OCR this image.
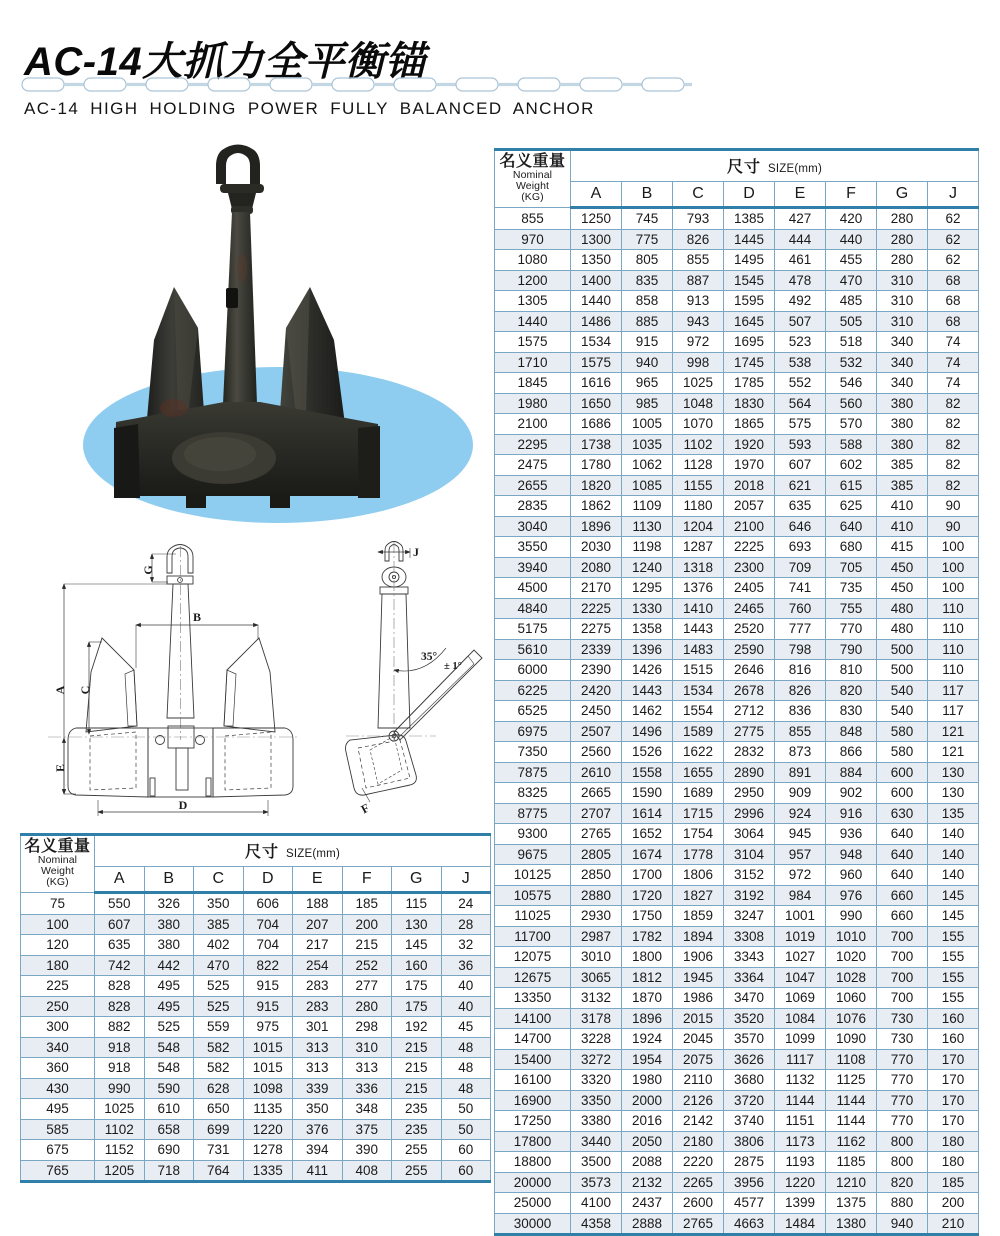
AC-14大抓力全平衡锚
AC-14 HIGH HOLDING POWER FULLY BALANCED ANCHOR
G
A C
E
B
D
J
F
35°
± 1°
名义重量
Nominal
Weight
(KG)	尺寸 SIZE(mm)							
	A	B	C	D	E	F	G	J
855	1250	745	793	1385	427	420	280	62
970	1300	775	826	1445	444	440	280	62
1080	1350	805	855	1495	461	455	280	62
1200	1400	835	887	1545	478	470	310	68
1305	1440	858	913	1595	492	485	310	68
1440	1486	885	943	1645	507	505	310	68
1575	1534	915	972	1695	523	518	340	74
1710	1575	940	998	1745	538	532	340	74
1845	1616	965	1025	1785	552	546	340	74
1980	1650	985	1048	1830	564	560	380	82
2100	1686	1005	1070	1865	575	570	380	82
2295	1738	1035	1102	1920	593	588	380	82
2475	1780	1062	1128	1970	607	602	385	82
2655	1820	1085	1155	2018	621	615	385	82
2835	1862	1109	1180	2057	635	625	410	90
3040	1896	1130	1204	2100	646	640	410	90
3550	2030	1198	1287	2225	693	680	415	100
3940	2080	1240	1318	2300	709	705	450	100
4500	2170	1295	1376	2405	741	735	450	100
4840	2225	1330	1410	2465	760	755	480	110
5175	2275	1358	1443	2520	777	770	480	110
5610	2339	1396	1483	2590	798	790	500	110
6000	2390	1426	1515	2646	816	810	500	110
6225	2420	1443	1534	2678	826	820	540	117
6525	2450	1462	1554	2712	836	830	540	117
6975	2507	1496	1589	2775	855	848	580	121
7350	2560	1526	1622	2832	873	866	580	121
7875	2610	1558	1655	2890	891	884	600	130
8325	2665	1590	1689	2950	909	902	600	130
8775	2707	1614	1715	2996	924	916	630	135
9300	2765	1652	1754	3064	945	936	640	140
9675	2805	1674	1778	3104	957	948	640	140
10125	2850	1700	1806	3152	972	960	640	140
10575	2880	1720	1827	3192	984	976	660	145
11025	2930	1750	1859	3247	1001	990	660	145
11700	2987	1782	1894	3308	1019	1010	700	155
12075	3010	1800	1906	3343	1027	1020	700	155
12675	3065	1812	1945	3364	1047	1028	700	155
13350	3132	1870	1986	3470	1069	1060	700	155
14100	3178	1896	2015	3520	1084	1076	730	160
14700	3228	1924	2045	3570	1099	1090	730	160
15400	3272	1954	2075	3626	1117	1108	770	170
16100	3320	1980	2110	3680	1132	1125	770	170
16900	3350	2000	2126	3720	1144	1144	770	170
17250	3380	2016	2142	3740	1151	1144	770	170
17800	3440	2050	2180	3806	1173	1162	800	180
18800	3500	2088	2220	2875	1193	1185	800	180
20000	3573	2132	2265	3956	1220	1210	820	185
25000	4100	2437	2600	4577	1399	1375	880	200
30000	4358	2888	2765	4663	1484	1380	940	210
名义重量
Nominal
Weight
(KG)	尺寸 SIZE(mm)							
	A	B	C	D	E	F	G	J
75	550	326	350	606	188	185	115	24
100	607	380	385	704	207	200	130	28
120	635	380	402	704	217	215	145	32
180	742	442	470	822	254	252	160	36
225	828	495	525	915	283	277	175	40
250	828	495	525	915	283	280	175	40
300	882	525	559	975	301	298	192	45
340	918	548	582	1015	313	310	215	48
360	918	548	582	1015	313	313	215	48
430	990	590	628	1098	339	336	215	48
495	1025	610	650	1135	350	348	235	50
585	1102	658	699	1220	376	375	235	50
675	1152	690	731	1278	394	390	255	60
765	1205	718	764	1335	411	408	255	60
